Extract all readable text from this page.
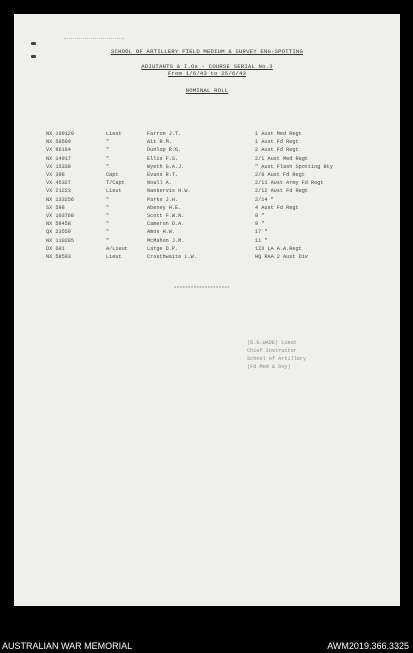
SCHOOL OF ARTILLERY FIELD MEDIUM & SURVEY ENG-SPOTTING
ADJUTANTS & I.Os - COURSE SERIAL No.3
From 1/6/43 to 25/6/43
NOMINAL ROLL
NX 100129	Lieut	Farron J.T.	1 Aust Med Regt
NX 50509	"	Ait R.M.	1 Aust Fd Regt
VX 86164	"	Dunlop R.G.	2 Aust Fd Regt
NX 14917	"	Ellis F.S.	2/1 Aust Med Regt
VX 15338	"	Wyeth G.A.J.	" Aust Flash Spotting Bty
VX 398	Capt	Evans R.T.	2/8 Aust Fd Regt
VX 45327	T/Capt	Noall A.	2/11 Aust Army Fd Regt
VX 21223	Lieut	Nankervis H.W.	2/12 Aust Fd Regt
NX 133256	"	Parks J.H.	2/14 "
SX 598	"	Abeney H.E.	4 Aust Fd Regt
VX 103768	"	Scott F.W.N.	8 "
NX 58458	"	Cameron D.A.	9 "
QX 23559	"	Amos H.W.	17 "
NX 110285	"	McMahon J.M.	11 "
DX 601	A/Lieut	Large D.P.	123 LA A.A.Regt
NX 58593	Lieut	Crosthwaite L.W.	HQ RAA 2 Aust Div
xxxxxxxxxxxxxxxxxxxx
(D.G.WADE) Lieut
Chief Instructor
School of Artillery
(Fd Med & Svy)
AUSTRALIAN WAR MEMORIAL	AWM2019.366.3325
